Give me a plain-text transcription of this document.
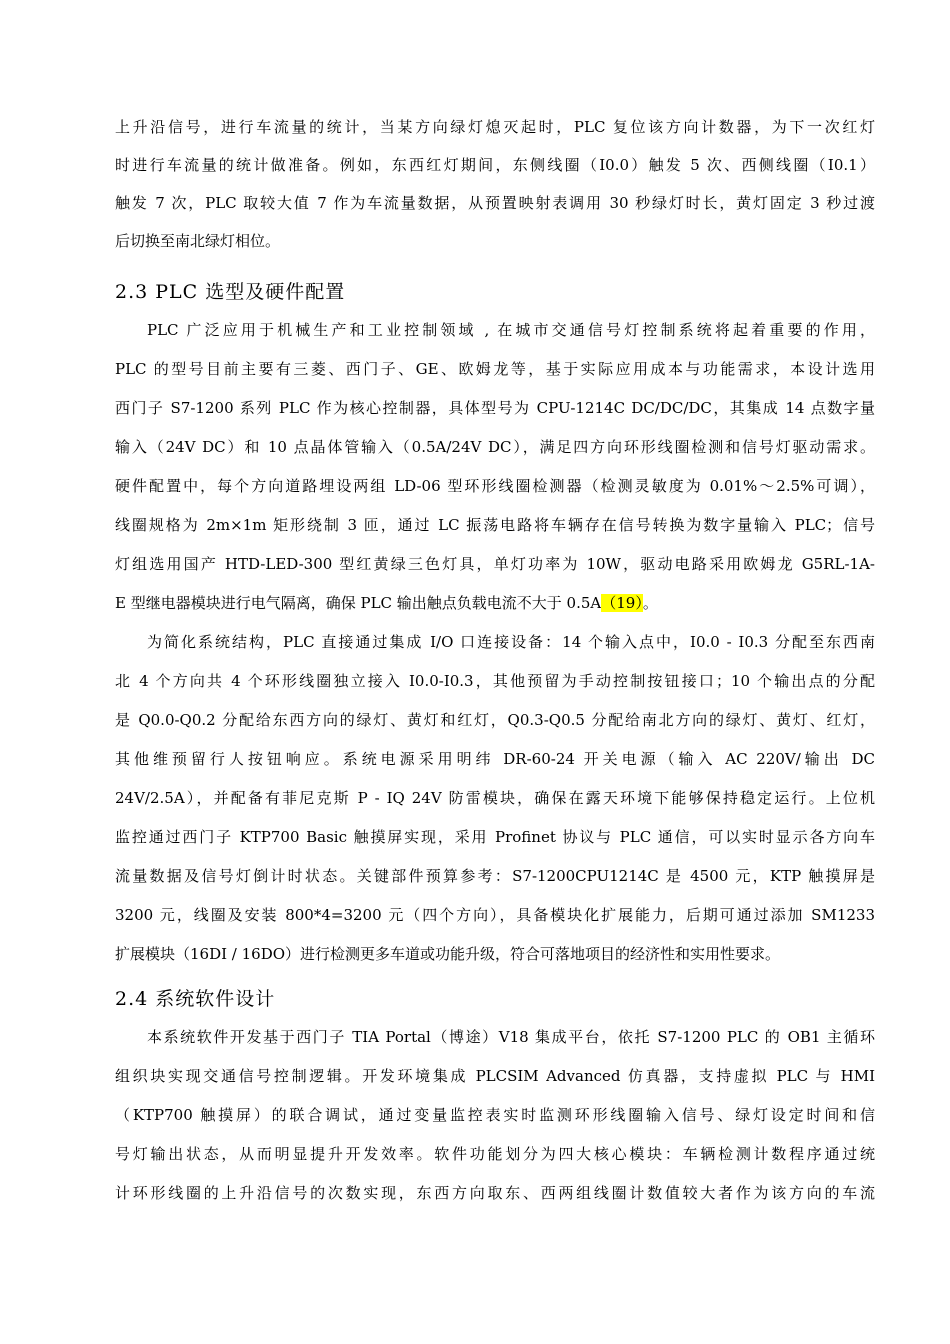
上升沿信号，进行车流量的统计，当某方向绿灯熄灭起时，PLC 复位该方向计数器，为下一次红灯
时进行车流量的统计做准备。例如，东西红灯期间，东侧线圈（I0.0）触发 5 次、西侧线圈（I0.1）
触发 7 次，PLC 取较大值 7 作为车流量数据，从预置映射表调用 30 秒绿灯时长，黄灯固定 3 秒过渡
后切换至南北绿灯相位。
2.3 PLC 选型及硬件配置
PLC 广泛应用于机械生产和工业控制领域 , 在城市交通信号灯控制系统将起着重要的作用，
PLC 的型号目前主要有三菱、西门子、GE、欧姆龙等，基于实际应用成本与功能需求，本设计选用
西门子 S7-1200 系列 PLC 作为核心控制器，具体型号为 CPU-1214C DC/DC/DC，其集成 14 点数字量
输入（24V DC）和 10 点晶体管输入（0.5A/24V DC），满足四方向环形线圈检测和信号灯驱动需求。
硬件配置中，每个方向道路埋设两组 LD-06 型环形线圈检测器（检测灵敏度为 0.01%～2.5%可调），
线圈规格为 2m×1m 矩形绕制 3 匝，通过 LC 振荡电路将车辆存在信号转换为数字量输入 PLC；信号
灯组选用国产 HTD-LED-300 型红黄绿三色灯具，单灯功率为 10W，驱动电路采用欧姆龙 G5RL-1A-
E 型继电器模块进行电气隔离，确保 PLC 输出触点负载电流不大于 0.5A（19）。
为简化系统结构，PLC 直接通过集成 I/O 口连接设备：14 个输入点中，I0.0 - I0.3 分配至东西南
北 4 个方向共 4 个环形线圈独立接入 I0.0-I0.3，其他预留为手动控制按钮接口；10 个输出点的分配
是 Q0.0-Q0.2 分配给东西方向的绿灯、黄灯和红灯，Q0.3-Q0.5 分配给南北方向的绿灯、黄灯、红灯，
其他维预留行人按钮响应。系统电源采用明纬 DR-60-24 开关电源（输入 AC 220V/输出 DC
24V/2.5A），并配备有菲尼克斯 P - IQ 24V 防雷模块，确保在露天环境下能够保持稳定运行。上位机
监控通过西门子 KTP700 Basic 触摸屏实现，采用 Profinet 协议与 PLC 通信，可以实时显示各方向车
流量数据及信号灯倒计时状态。关键部件预算参考：S7-1200CPU1214C 是 4500 元，KTP 触摸屏是
3200 元，线圈及安装 800*4=3200 元（四个方向），具备模块化扩展能力，后期可通过添加 SM1233
扩展模块（16DI / 16DO）进行检测更多车道或功能升级，符合可落地项目的经济性和实用性要求。
2.4 系统软件设计
本系统软件开发基于西门子 TIA Portal（博途）V18 集成平台，依托 S7-1200 PLC 的 OB1 主循环
组织块实现交通信号控制逻辑。开发环境集成 PLCSIM Advanced 仿真器，支持虚拟 PLC 与 HMI
（KTP700 触摸屏）的联合调试，通过变量监控表实时监测环形线圈输入信号、绿灯设定时间和信
号灯输出状态，从而明显提升开发效率。软件功能划分为四大核心模块：车辆检测计数程序通过统
计环形线圈的上升沿信号的次数实现，东西方向取东、西两组线圈计数值较大者作为该方向的车流
